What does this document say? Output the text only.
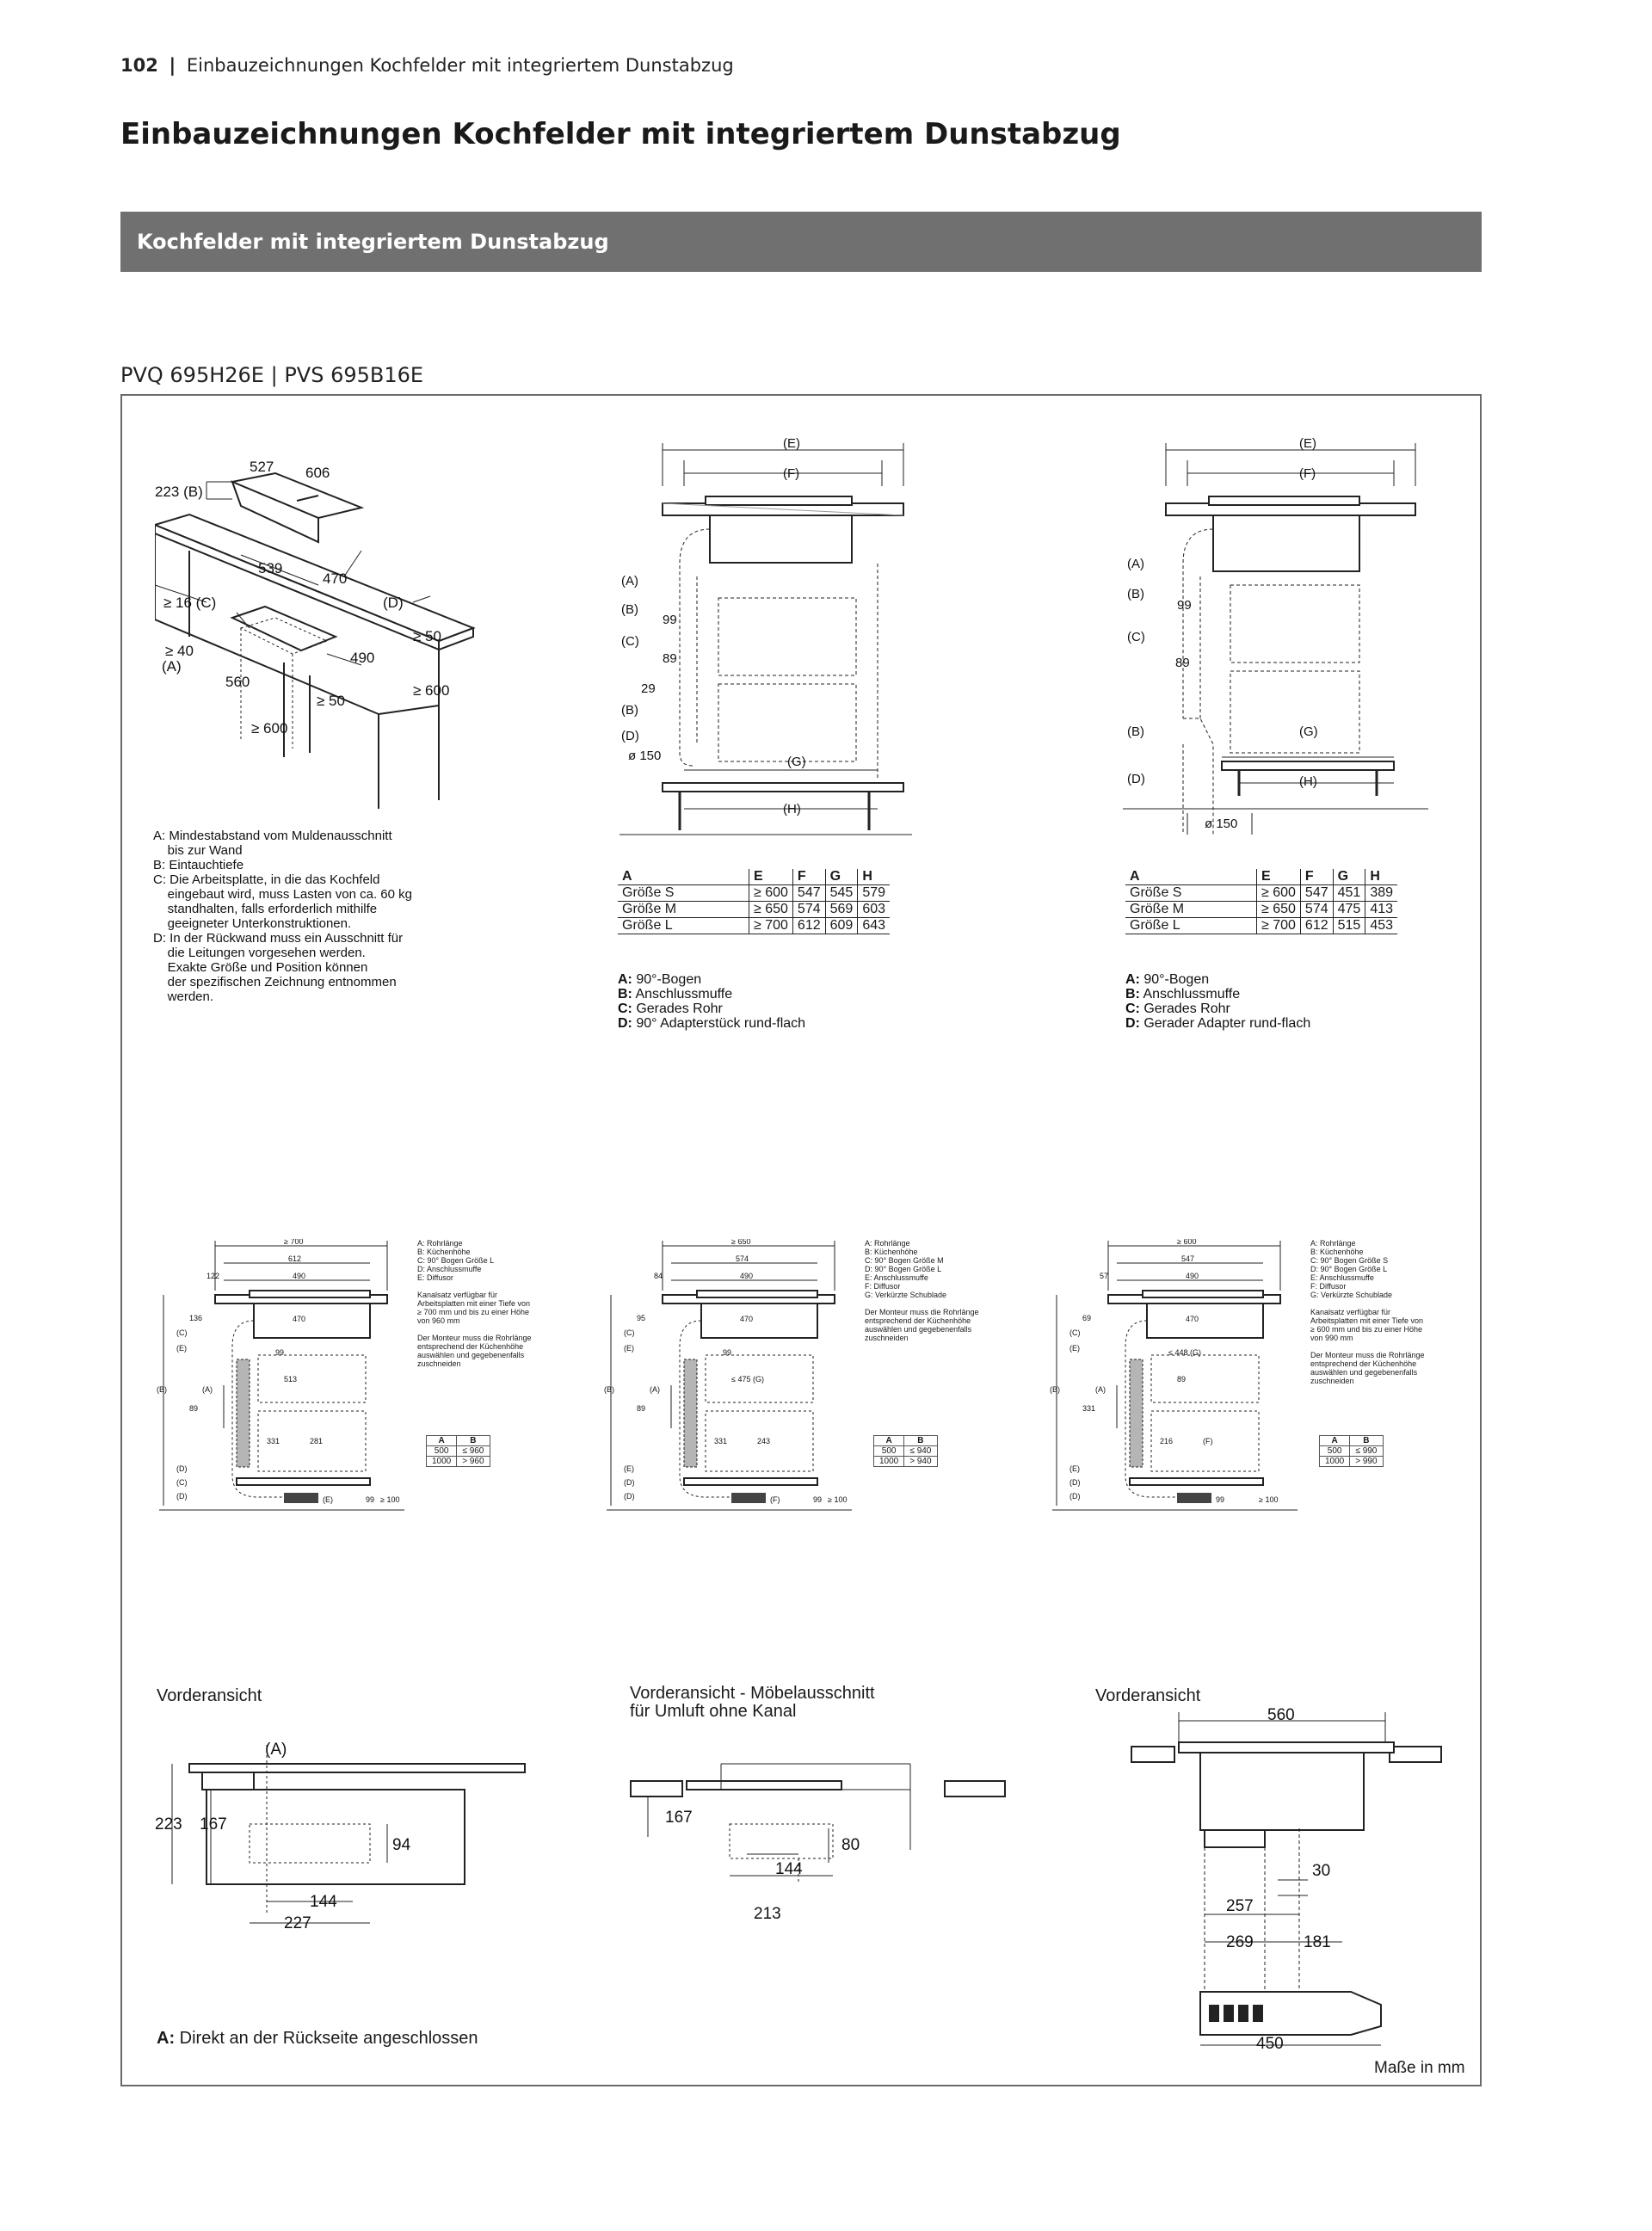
102 | Einbauzeichnungen Kochfelder mit integriertem Dunstabzug
Einbauzeichnungen Kochfelder mit integriertem Dunstabzug
Kochfelder mit integriertem Dunstabzug
PVQ 695H26E | PVS 695B16E
527 606
223 (B)
539
470
≥ 16 (C)	(D)
≥ 50
490
≥ 40
(A)
560
≥ 50
≥ 600
≥ 600
A: Mindestabstand vom Muldenausschnitt
bis zur Wand
B: Eintauchtiefe
C: Die Arbeitsplatte, in die das Kochfeld
eingebaut wird, muss Lasten von ca. 60 kg
standhalten, falls erforderlich mithilfe
geeigneter Unterkonstruktionen.
D: In der Rückwand muss ein Ausschnitt für
die Leitungen vorgesehen werden.
Exakte Größe und Position können
der spezifischen Zeichnung entnommen
werden.
(E)
(F)
(A)
(B)
99
(C)
89
29
(B)
(D)
ø 150	(G)
(H)
A	E	F	G	H
Größe S	≥ 600	547	545	579
Größe M	≥ 650	574	569	603
Größe L	≥ 700	612	609	643
A: 90°-Bogen
B: Anschlussmuffe
C: Gerades Rohr
D: 90° Adapterstück rund-flach
(E)
(F)
(A)
(B)
99
(C)
89
(B)	(G)
(D)	(H)
ø 150
A	E	F	G	H
Größe S	≥ 600	547	451	389
Größe M	≥ 650	574	475	413
Größe L	≥ 700	612	515	453
A: 90°-Bogen
B: Anschlussmuffe
C: Gerades Rohr
D: Gerader Adapter rund-flach
≥ 700
612
122	490
136	470
99
513
89
331	281
(E)	99 ≥ 100
(C)
(E)
(B)	(A)
(D)
(C)
(D)
A: Rohrlänge
B: Küchenhöhe
C: 90° Bogen Größe L
D: Anschlussmuffe
E: Diffusor

Kanalsatz verfügbar für
Arbeitsplatten mit einer Tiefe von
≥ 700 mm und bis zu einer Höhe
von 960 mm

Der Monteur muss die Rohrlänge
entsprechend der Küchenhöhe
auswählen und gegebenenfalls
zuschneiden
A	B
500	≤ 960
1000	> 960
≥ 650
574
84	490
95	470
99
≤ 475 (G)
89
331	243
(F)	99 ≥ 100
(C)
(E)
(B)	(A)
(E)
(D)
(D)
A: Rohrlänge
B: Küchenhöhe
C: 90° Bogen Größe M
D: 90° Bogen Größe L
E: Anschlussmuffe
F: Diffusor
G: Verkürzte Schublade

Der Monteur muss die Rohrlänge
entsprechend der Küchenhöhe
auswählen und gegebenenfalls
zuschneiden
A	B
500	≤ 940
1000	> 940
≥ 600
547
57	490
69	470
≤ 448 (G)
89
331
216	(F)
99	≥ 100
(C)
(E)
(B)	(A)
(E)
(D)
(D)
A: Rohrlänge
B: Küchenhöhe
C: 90° Bogen Größe S
D: 90° Bogen Größe L
E: Anschlussmuffe
F: Diffusor
G: Verkürzte Schublade

Kanalsatz verfügbar für
Arbeitsplatten mit einer Tiefe von
≥ 600 mm und bis zu einer Höhe
von 990 mm

Der Monteur muss die Rohrlänge
entsprechend der Küchenhöhe
auswählen und gegebenenfalls
zuschneiden
A	B
500	≤ 990
1000	> 990
Vorderansicht
(A)
223 167
94
144
227
Vorderansicht - Möbelausschnitt
für Umluft ohne Kanal
167
80
144
213
Vorderansicht
560
30
257
269	181
450
A: Direkt an der Rückseite angeschlossen
Maße in mm
